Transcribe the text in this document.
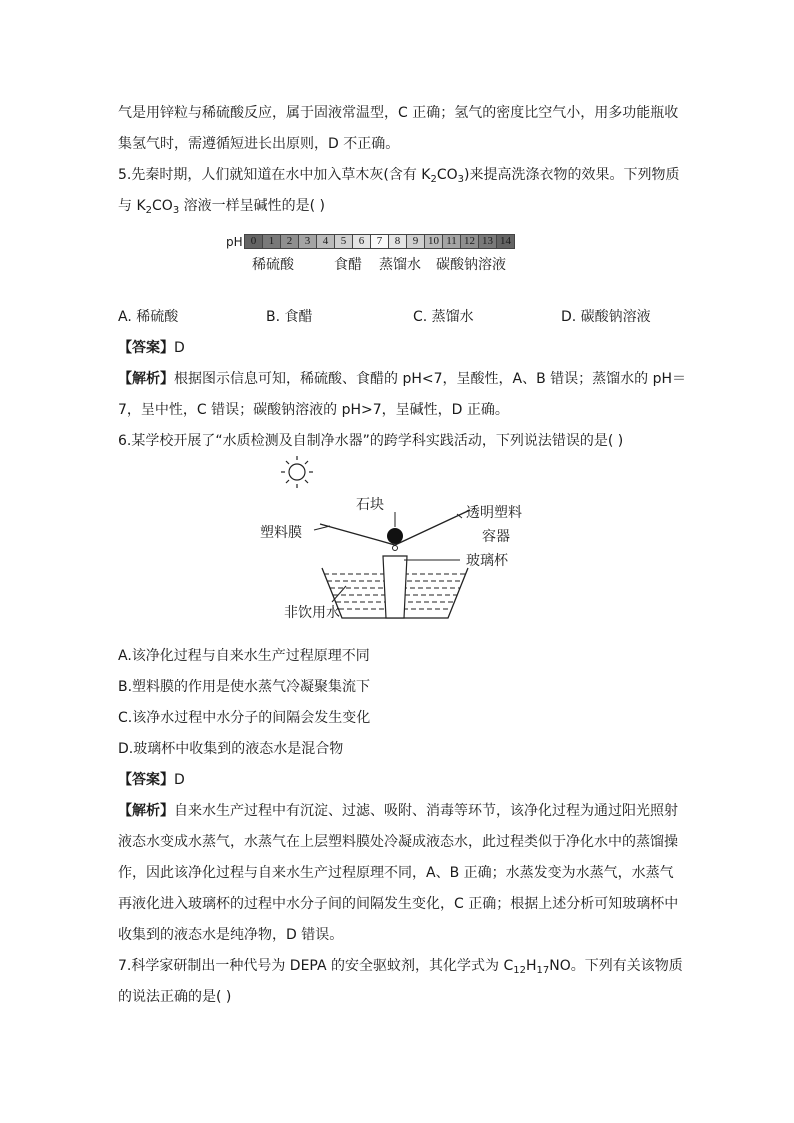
气是用锌粒与稀硫酸反应，属于固液常温型，C 正确；氢气的密度比空气小，用多功能瓶收
集氢气时，需遵循短进长出原则，D 不正确。
5.先秦时期，人们就知道在水中加入草木灰(含有 $K_2CO_3$)来提高洗涤衣物的效果。下列物质
与 $K_2CO_3$ 溶液一样呈碱性的是( )
pH 0	1	2	3	4	5	6	7	8	9 10 11 12 13 14
稀硫酸	食醋 蒸馏水 碳酸钠溶液
A. 稀硫酸	B. 食醋	C. 蒸馏水	D. 碳酸钠溶液
【答案】D
【解析】根据图示信息可知，稀硫酸、食醋的 pH<7，呈酸性，A、B 错误；蒸馏水的 pH＝
7，呈中性，C 错误；碳酸钠溶液的 pH>7，呈碱性，D 正确。
6.某学校开展了“水质检测及自制净水器”的跨学科实践活动，下列说法错误的是( )
石块
塑料膜
透明塑料
容器
玻璃杯
非饮用水
A.该净化过程与自来水生产过程原理不同
B.塑料膜的作用是使水蒸气冷凝聚集流下
C.该净水过程中水分子的间隔会发生变化
D.玻璃杯中收集到的液态水是混合物
【答案】D
【解析】自来水生产过程中有沉淀、过滤、吸附、消毒等环节，该净化过程为通过阳光照射
液态水变成水蒸气，水蒸气在上层塑料膜处冷凝成液态水，此过程类似于净化水中的蒸馏操
作，因此该净化过程与自来水生产过程原理不同，A、B 正确；水蒸发变为水蒸气，水蒸气
再液化进入玻璃杯的过程中水分子间的间隔发生变化，C 正确；根据上述分析可知玻璃杯中
收集到的液态水是纯净物，D 错误。
7.科学家研制出一种代号为 DEPA 的安全驱蚊剂，其化学式为 $C_{12}H_{17}NO$。下列有关该物质
的说法正确的是( )
